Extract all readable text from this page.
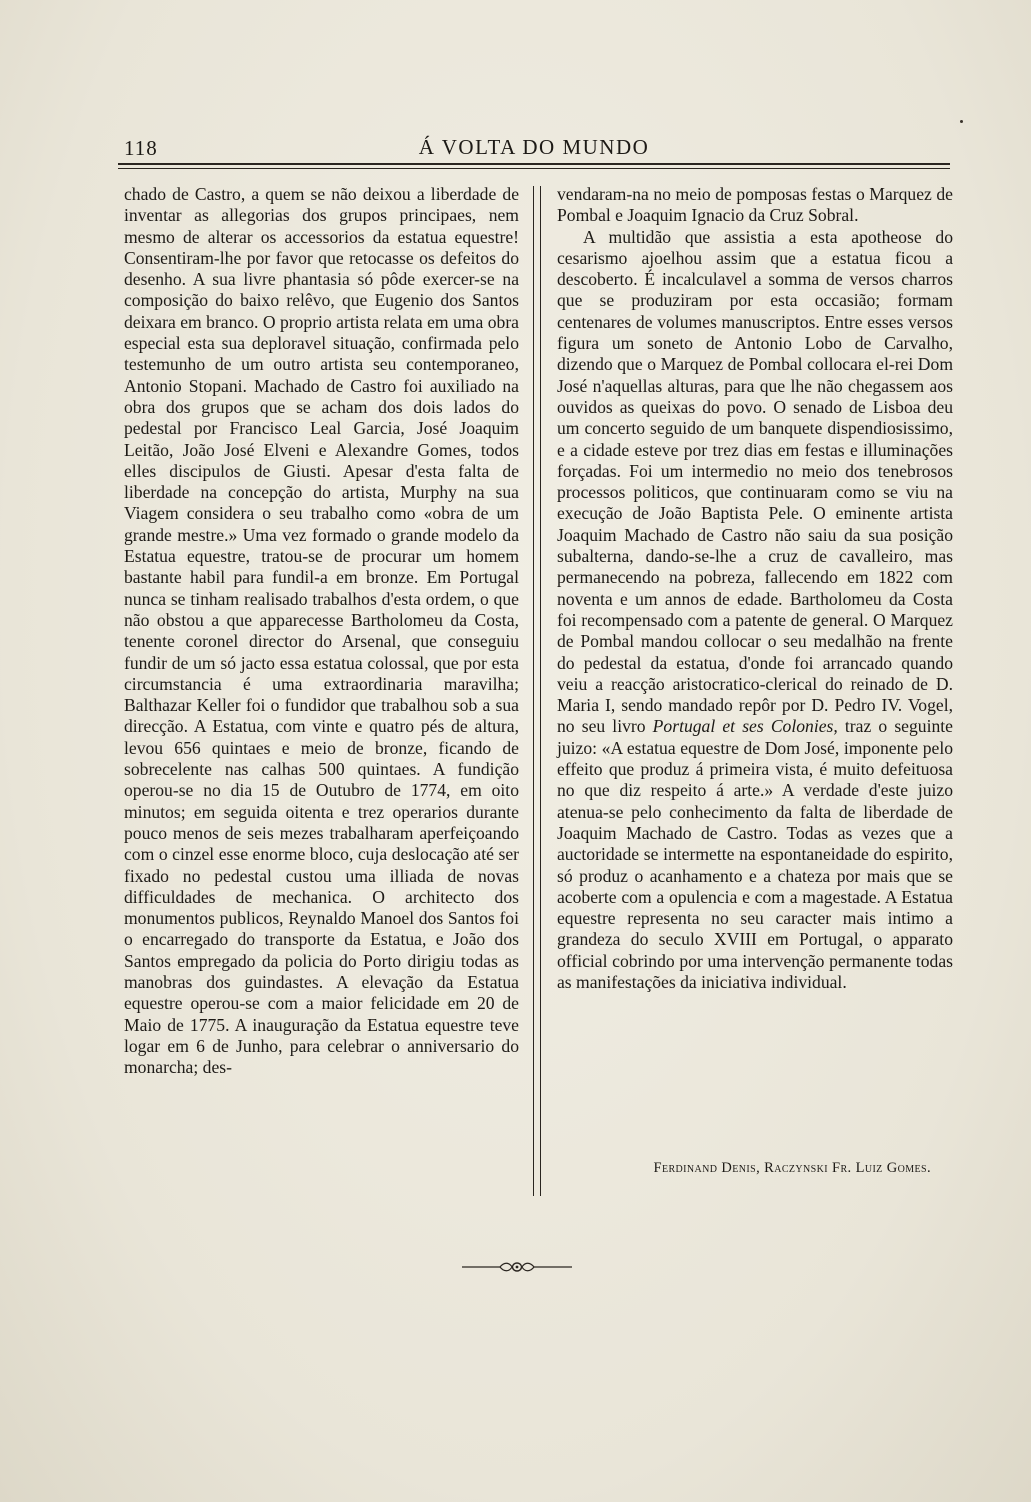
118	Á VOLTA DO MUNDO

chado de Castro, a quem se não deixou a liberdade de inventar as allegorias dos grupos principaes, nem mesmo de alterar os accessorios da estatua equestre! Consentiram-lhe por favor que retocasse os defeitos do desenho. A sua livre phantasia só pôde exercer-se na composição do baixo relêvo, que Eugenio dos Santos deixara em branco. O proprio artista relata em uma obra especial esta sua deploravel situação, confirmada pelo testemunho de um outro artista seu contemporaneo, Antonio Stopani. Machado de Castro foi auxiliado na obra dos grupos que se acham dos dois lados do pedestal por Francisco Leal Garcia, José Joaquim Leitão, João José Elveni e Alexandre Gomes, todos elles discipulos de Giusti. Apesar d'esta falta de liberdade na concepção do artista, Murphy na sua Viagem considera o seu trabalho como «obra de um grande mestre.» Uma vez formado o grande modelo da Estatua equestre, tratou-se de procurar um homem bastante habil para fundil-a em bronze. Em Portugal nunca se tinham realisado trabalhos d'esta ordem, o que não obstou a que apparecesse Bartholomeu da Costa, tenente coronel director do Arsenal, que conseguiu fundir de um só jacto essa estatua colossal, que por esta circumstancia é uma extraordinaria maravilha; Balthazar Keller foi o fundidor que trabalhou sob a sua direcção. A Estatua, com vinte e quatro pés de altura, levou 656 quintaes e meio de bronze, ficando de sobrecelente nas calhas 500 quintaes. A fundição operou-se no dia 15 de Outubro de 1774, em oito minutos; em seguida oitenta e trez operarios durante pouco menos de seis mezes trabalharam aperfeiçoando com o cinzel esse enorme bloco, cuja deslocação até ser fixado no pedestal custou uma illiada de novas difficuldades de mechanica. O architecto dos monumentos publicos, Reynaldo Manoel dos Santos foi o encarregado do transporte da Estatua, e João dos Santos empregado da policia do Porto dirigiu todas as manobras dos guindastes. A elevação da Estatua equestre operou-se com a maior felicidade em 20 de Maio de 1775. A inauguração da Estatua equestre teve logar em 6 de Junho, para celebrar o anniversario do monarcha; des-

vendaram-na no meio de pomposas festas o Marquez de Pombal e Joaquim Ignacio da Cruz Sobral.

A multidão que assistia a esta apotheose do cesarismo ajoelhou assim que a estatua ficou a descoberto. É incalculavel a somma de versos charros que se produziram por esta occasião; formam centenares de volumes manuscriptos. Entre esses versos figura um soneto de Antonio Lobo de Carvalho, dizendo que o Marquez de Pombal collocara el-rei Dom José n'aquellas alturas, para que lhe não chegassem aos ouvidos as queixas do povo. O senado de Lisboa deu um concerto seguido de um banquete dispendiosissimo, e a cidade esteve por trez dias em festas e illuminações forçadas. Foi um intermedio no meio dos tenebrosos processos politicos, que continuaram como se viu na execução de João Baptista Pele. O eminente artista Joaquim Machado de Castro não saiu da sua posição subalterna, dando-se-lhe a cruz de cavalleiro, mas permanecendo na pobreza, fallecendo em 1822 com noventa e um annos de edade. Bartholomeu da Costa foi recompensado com a patente de general. O Marquez de Pombal mandou collocar o seu medalhão na frente do pedestal da estatua, d'onde foi arrancado quando veiu a reacção aristocratico-clerical do reinado de D. Maria I, sendo mandado repôr por D. Pedro IV. Vogel, no seu livro Portugal et ses Colonies, traz o seguinte juizo: «A estatua equestre de Dom José, imponente pelo effeito que produz á primeira vista, é muito defeituosa no que diz respeito á arte.» A verdade d'este juizo atenua-se pelo conhecimento da falta de liberdade de Joaquim Machado de Castro. Todas as vezes que a auctoridade se intermette na espontaneidade do espirito, só produz o acanhamento e a chateza por mais que se acoberte com a opulencia e com a magestade. A Estatua equestre representa no seu caracter mais intimo a grandeza do seculo XVIII em Portugal, o apparato official cobrindo por uma intervenção permanente todas as manifestações da iniciativa individual.

Ferdinand Denis, Raczynski Fr. Luiz Gomes.
